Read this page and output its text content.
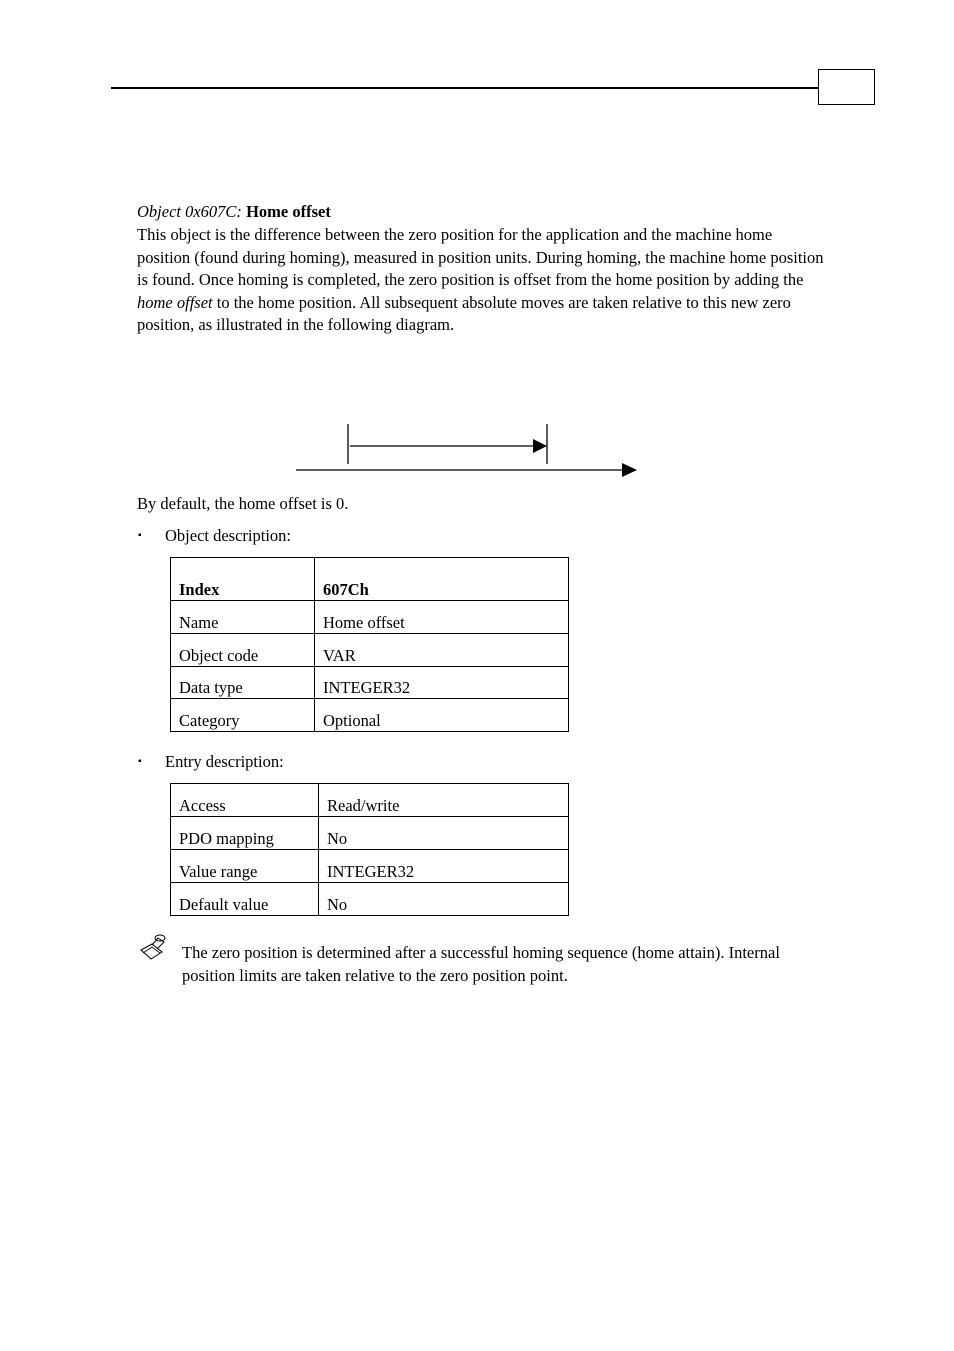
Object 0x607C: Home offset

This object is the difference between the zero position for the application and the machine home position (found during homing), measured in position units. During homing, the machine home position is found. Once homing is completed, the zero position is offset from the home position by adding the home offset to the home position. All subsequent absolute moves are taken relative to this new zero position, as illustrated in the following diagram.

By default, the home offset is 0.

▪ Object description:

Index	607Ch
Name	Home offset
Object code	VAR
Data type	INTEGER32
Category	Optional
▪ Entry description:

Access	Read/write
PDO mapping	No
Value range	INTEGER32
Default value	No

The zero position is determined after a successful homing sequence (home attain). Internal position limits are taken relative to the zero position point.
